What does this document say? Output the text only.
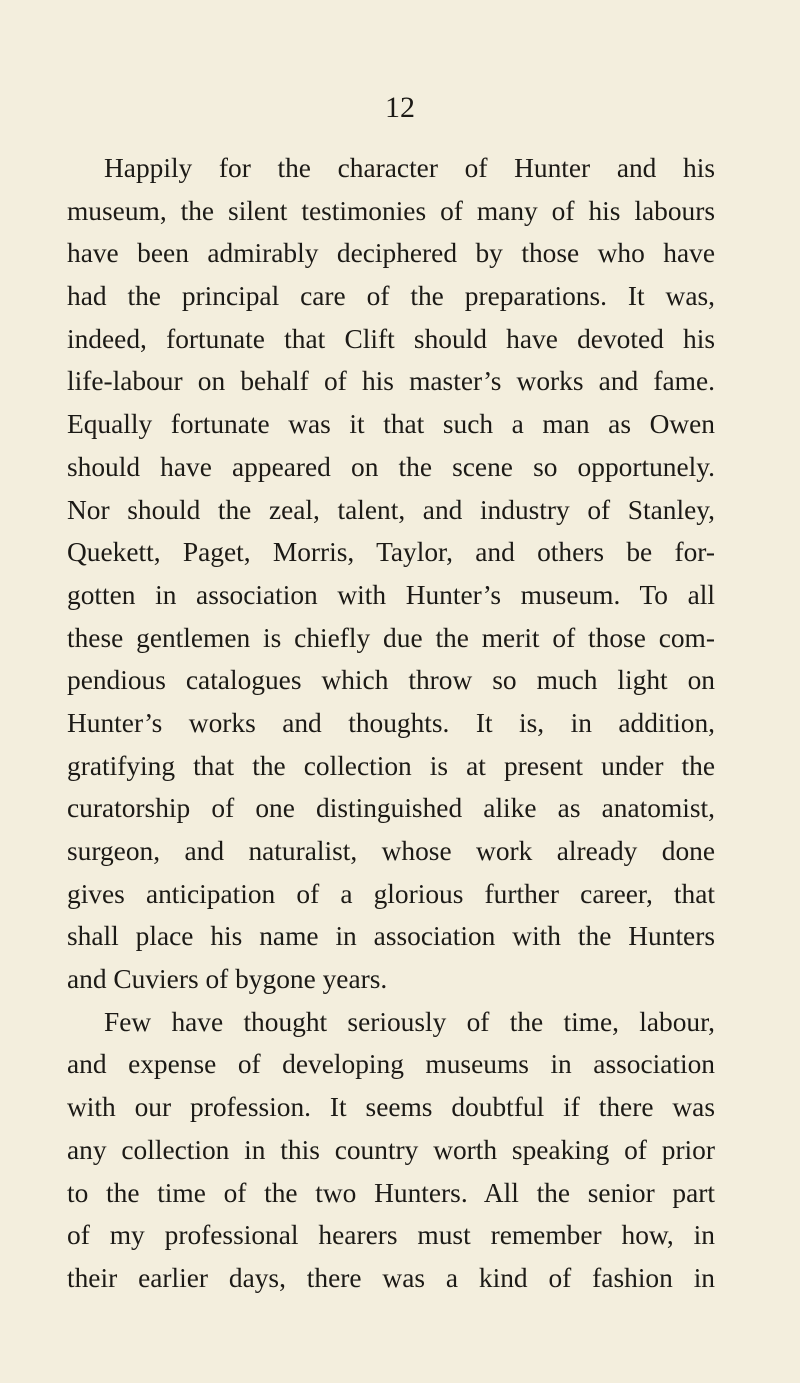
12
Happily for the character of Hunter and his
museum, the silent testimonies of many of his labours
have been admirably deciphered by those who have
had the principal care of the preparations. It was,
indeed, fortunate that Clift should have devoted his
life-labour on behalf of his master’s works and fame.
Equally fortunate was it that such a man as Owen
should have appeared on the scene so opportunely.
Nor should the zeal, talent, and industry of Stanley,
Quekett, Paget, Morris, Taylor, and others be for-
gotten in association with Hunter’s museum. To all
these gentlemen is chiefly due the merit of those com-
pendious catalogues which throw so much light on
Hunter’s works and thoughts. It is, in addition,
gratifying that the collection is at present under the
curatorship of one distinguished alike as anatomist,
surgeon, and naturalist, whose work already done
gives anticipation of a glorious further career, that
shall place his name in association with the Hunters
and Cuviers of bygone years.
Few have thought seriously of the time, labour,
and expense of developing museums in association
with our profession. It seems doubtful if there was
any collection in this country worth speaking of prior
to the time of the two Hunters. All the senior part
of my professional hearers must remember how, in
their earlier days, there was a kind of fashion in
